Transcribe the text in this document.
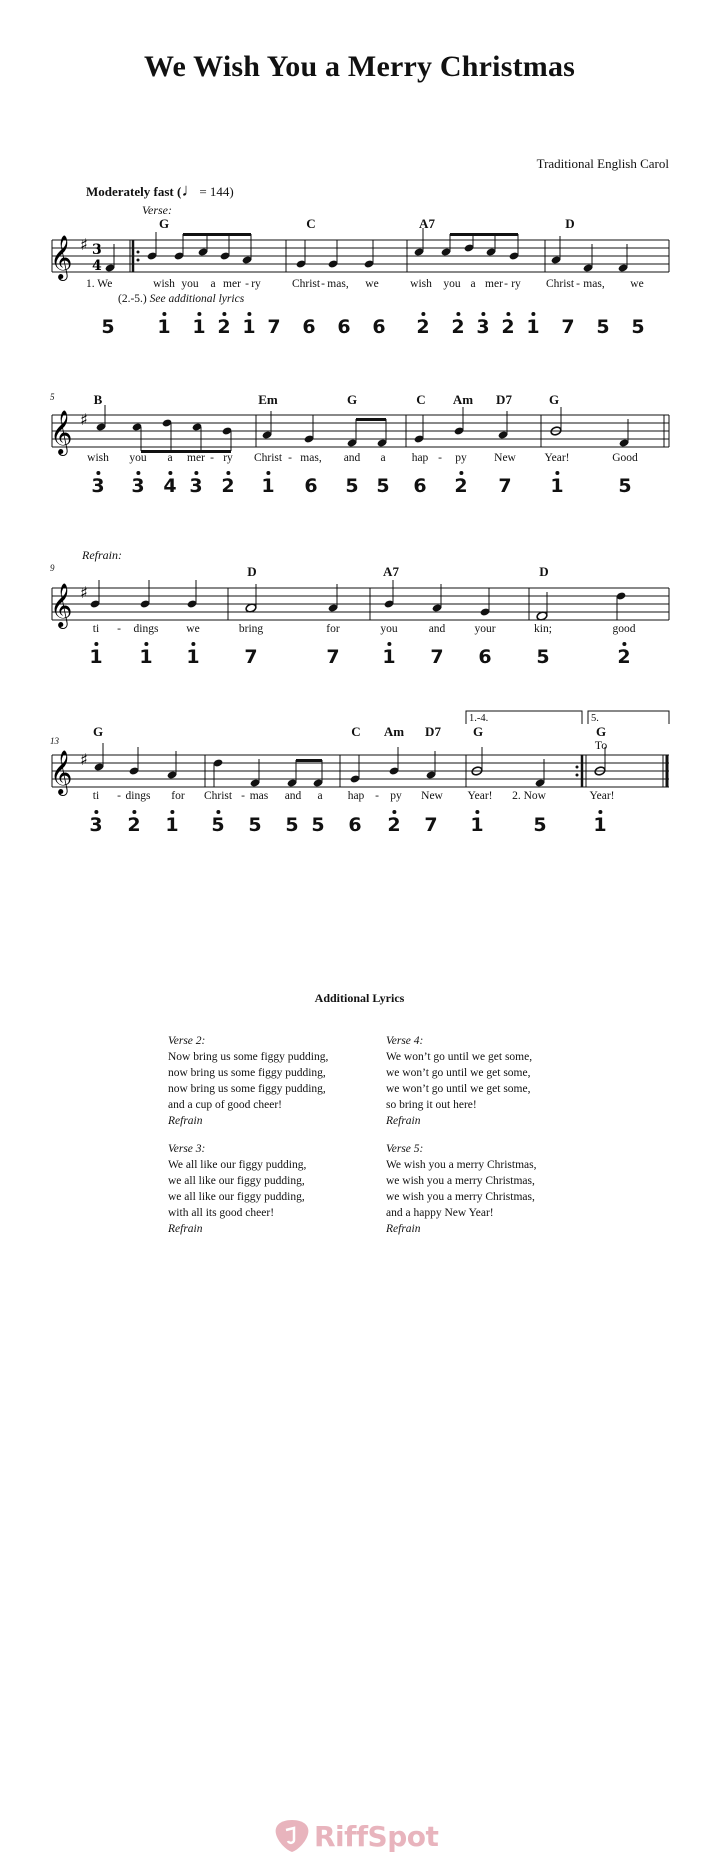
We Wish You a Merry Christmas
Traditional English Carol
Moderately fast (♩= 144)
Verse:
G	C	A7	D
𝄞 ♯ 3
4
1. We	wish you a mer - ry	Christ - mas, we	wish you a mer - ry Christ - mas, we
(2.-5.) See additional lyrics
5 1 1 2 1 7 6 6 6 2 2 3 2 1 7 5 5
5	B	Em	G	C Am D7	G
𝄞 ♯
wish you a mer - ry Christ - mas, and a hap - py New Year!	Good
3 3 4 3 2 1 6 5 5 6 2 7 1	5
Refrain:
9	D	A7	D
𝄞 ♯
ti - dings we	bring	for	you	and	your	kin;	good
1 1 1 7	7 1 7 6 5	2
13
G	C Am D7 G	G
To
1.-4.	5.
𝄞 ♯
ti - dings for Christ - mas and a hap - py New Year! 2. Now	Year!
3 2 1 5 5 5 5 6 2 7 1	5 1
Additional Lyrics
Verse 2:
Now bring us some figgy pudding,
now bring us some figgy pudding,
now bring us some figgy pudding,
and a cup of good cheer!
Refrain
Verse 4:
We won’t go until we get some,
we won’t go until we get some,
we won’t go until we get some,
so bring it out here!
Refrain
Verse 3:
We all like our figgy pudding,
we all like our figgy pudding,
we all like our figgy pudding,
with all its good cheer!
Refrain
Verse 5:
We wish you a merry Christmas,
we wish you a merry Christmas,
we wish you a merry Christmas,
and a happy New Year!
Refrain
RiffSpot
